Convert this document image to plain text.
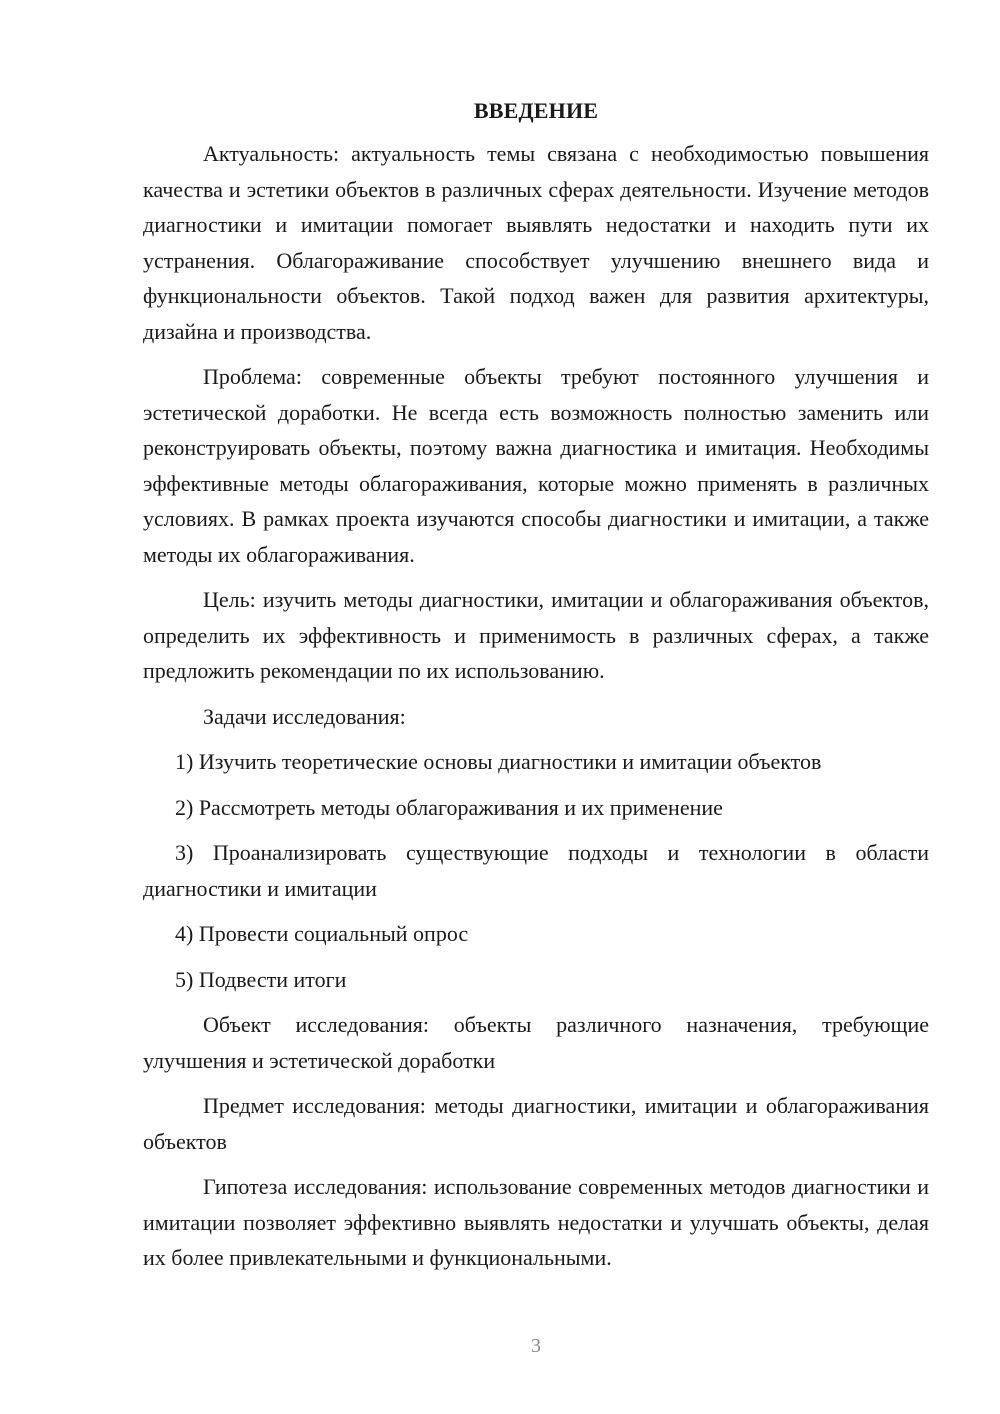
ВВЕДЕНИЕ

Актуальность: актуальность темы связана с необходимостью повышения качества и эстетики объектов в различных сферах деятельности. Изучение методов диагностики и имитации помогает выявлять недостатки и находить пути их устранения. Облагораживание способствует улучшению внешнего вида и функциональности объектов. Такой подход важен для развития архитектуры, дизайна и производства.

Проблема: современные объекты требуют постоянного улучшения и эстетической доработки. Не всегда есть возможность полностью заменить или реконструировать объекты, поэтому важна диагностика и имитация. Необходимы эффективные методы облагораживания, которые можно применять в различных условиях. В рамках проекта изучаются способы диагностики и имитации, а также методы их облагораживания.

Цель: изучить методы диагностики, имитации и облагораживания объектов, определить их эффективность и применимость в различных сферах, а также предложить рекомендации по их использованию.

Задачи исследования:

1) Изучить теоретические основы диагностики и имитации объектов

2) Рассмотреть методы облагораживания и их применение

3) Проанализировать существующие подходы и технологии в области диагностики и имитации

4) Провести социальный опрос

5) Подвести итоги

Объект исследования: объекты различного назначения, требующие улучшения и эстетической доработки

Предмет исследования: методы диагностики, имитации и облагораживания объектов

Гипотеза исследования: использование современных методов диагностики и имитации позволяет эффективно выявлять недостатки и улучшать объекты, делая их более привлекательными и функциональными.

3
